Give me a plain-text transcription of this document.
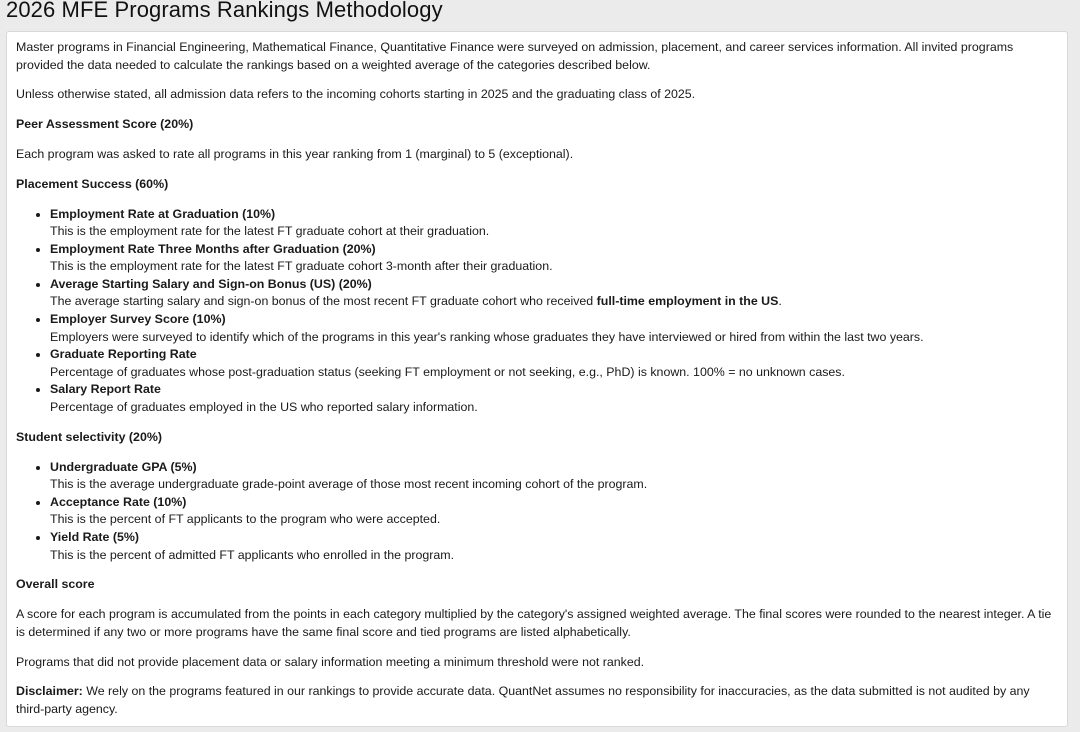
2026 MFE Programs Rankings Methodology

Master programs in Financial Engineering, Mathematical Finance, Quantitative Finance were surveyed on admission, placement, and career services information. All invited programs provided the data needed to calculate the rankings based on a weighted average of the categories described below.

Unless otherwise stated, all admission data refers to the incoming cohorts starting in 2025 and the graduating class of 2025.

Peer Assessment Score (20%)

Each program was asked to rate all programs in this year ranking from 1 (marginal) to 5 (exceptional).

Placement Success (60%)

• Employment Rate at Graduation (10%)
This is the employment rate for the latest FT graduate cohort at their graduation.
• Employment Rate Three Months after Graduation (20%)
This is the employment rate for the latest FT graduate cohort 3-month after their graduation.
• Average Starting Salary and Sign-on Bonus (US) (20%)
The average starting salary and sign-on bonus of the most recent FT graduate cohort who received full-time employment in the US.
• Employer Survey Score (10%)
Employers were surveyed to identify which of the programs in this year's ranking whose graduates they have interviewed or hired from within the last two years.
• Graduate Reporting Rate
Percentage of graduates whose post-graduation status (seeking FT employment or not seeking, e.g., PhD) is known. 100% = no unknown cases.
• Salary Report Rate
Percentage of graduates employed in the US who reported salary information.

Student selectivity (20%)

• Undergraduate GPA (5%)
This is the average undergraduate grade-point average of those most recent incoming cohort of the program.
• Acceptance Rate (10%)
This is the percent of FT applicants to the program who were accepted.
• Yield Rate (5%)
This is the percent of admitted FT applicants who enrolled in the program.

Overall score

A score for each program is accumulated from the points in each category multiplied by the category's assigned weighted average. The final scores were rounded to the nearest integer. A tie is determined if any two or more programs have the same final score and tied programs are listed alphabetically.

Programs that did not provide placement data or salary information meeting a minimum threshold were not ranked.

Disclaimer: We rely on the programs featured in our rankings to provide accurate data. QuantNet assumes no responsibility for inaccuracies, as the data submitted is not audited by any third-party agency.
